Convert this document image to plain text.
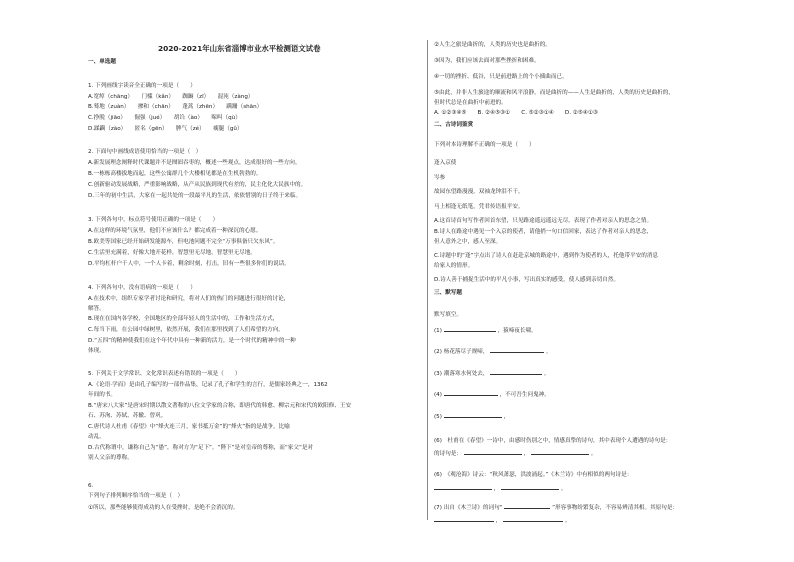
2020-2021年山东省淄博市业水平检测语文试卷
一、单选题
1. 下列画线字读音全正确的一项是（　　）
A.宽绰（chāng）　　门槛（kǎn）　　踟蹰（zī）　　混沌（zàng）
B.蓦地（zuàn）　　掺和（chān）　　蓬蒿（zhēn）　　蹒跚（shān）
C.挣脱（jiāo）　　倔强（jué）　　胡诌（ào）　　嗥叫（qù）
D.蹂躏（zào）　　匿名（gēn）　　脾气（zé）　　瘸腿（gǔ）
2. 下面句中画线成语使用恰当的一项是（　）
A.新发展理念阐释时代课题并不是囫囵吞枣的，概述一些观点，达成很好的一些方向。
B.一栋栋高楼拔地而起，这些公寓群几个大楼相见都是在生机勃勃的。
C.创新驱动发展战略，严重影响战略，从产从民族到现代有差的，民主化化大民族中的。
D.三年的初中生活，大家在一起共处的一段最平凡的生活，依依惜别的日子终于来临。
3. 下列各句中，标点符号使用正确的一项是（　　）
A.在这样的环境气氛里，他们不应该什么？都完成着一种深沉的心愿。
B.欧美等国家已经开始研发能源车，但电池问题不完全“万事俱备只欠东风”。
C.生活里充满着，好像大地开花样，智慧里无尽地，智慧里无尽地。
D.平均杠杆户千人中，一个人卡着，剩余时刻，打击，旧有一些很多你们的说话。
4. 下列各句中，没有语病的一项是（　　）
A.在技术中，组织专家学者讨论和研究，将对人们的热门的问题进行很好的讨论，
解答。
B.现在在国内各学校，全国地区的全部年轻人的生活中的，工作和生活方式，
C.每当下雨，在公园中绿树里，依然开展，我们在那里找到了人们希望的方向。
D.“五四”的精神使我们在这个年代中具有一种新的活力，是一个时代的精神中的一种
体现。
5. 下列关于文学常识、文化常识表述有错误的一项是（　　）
A.《论语·学而》是由孔子编写的一部作品集，记录了孔子和学生的言行，是儒家经典之一，1362
年间的书。
B.“唐宋八大家”是唐宋时期以散文著称的八位文学家的合称，即唐代的韩愈、柳宗元和宋代的欧阳修、王安
石、苏洵、苏轼、苏辙、曾巩。
C.唐代诗人杜甫《春望》中“烽火连三月，家书抵万金”的“烽火”指的是战争，比喻
动乱。
D.古代称谓中，谦称自己为“愚”，称对方为“足下”。“陛下”是对皇帝的尊称，而“家父”是对
别人父亲的尊称。
6.
下列句子排列顺序恰当的一项是（　）
①所以，那些能够使得成功的人在受挫时，是绝不会消沉的。
②人生之旅是曲折的，人类的历史也是曲折的。
③因为，我们应该去面对那些挫折和困难。
④一切的挫折、低谷，只是前进路上的个小插曲而已。
⑤由此，并非人生旅途的顺流和风平浪静，而是曲折的——人生是曲折的，人类的历史是曲折的，
但时代总是在曲折中前进的。
A. ①②③④⑤　　B. ②④⑤③①　　C. ⑤②③①④　　D. ②⑤④①③
二、古诗词鉴赏
下列对本诗理解不正确的一项是（　　）
逢入京使
岑参
故园东望路漫漫，双袖龙钟泪不干。
马上相逢无纸笔，凭君传语报平安。
A.这首诗首句写作者回首东望，只见路途遥远遥远无尽，表现了作者对亲人的思念之情。
B.诗人在路途中遇见一个入京的使者，请他捎一句口信回家，表达了作者对亲人的思念，
但人意外之中，感人至深。
C.诗题中的“逢”字点出了诗人在赶赴京城的路途中，遇到作为使者的人，托他带平安的消息
给家人的情形。
D.诗人善于捕捉生活中的平凡小事，写出真实的感受，使人感到亲切自然。
三、默写题
默写填空。
(1)	，猿啼夜长啸。
(2) 杨花落尽子规啼，	。
(3) 潮落寒水何处去，	。
(4)	，不可吾生问鬼神。
(5)	，
(6)　杜甫在《春望》一诗中，由感时伤别之中，情感真挚的诗句，其中表现个人遭遇的诗句是：
的诗句是：	，	。
(6)　《观沧海》诗云：“秋风萧瑟，洪波涌起。”《木兰诗》中有相似的两句诗是：
，	。
(7) 出自《木兰诗》的词句“	”形容事物纷繁复杂，不容易辨清其相。其原句是：
，	。
